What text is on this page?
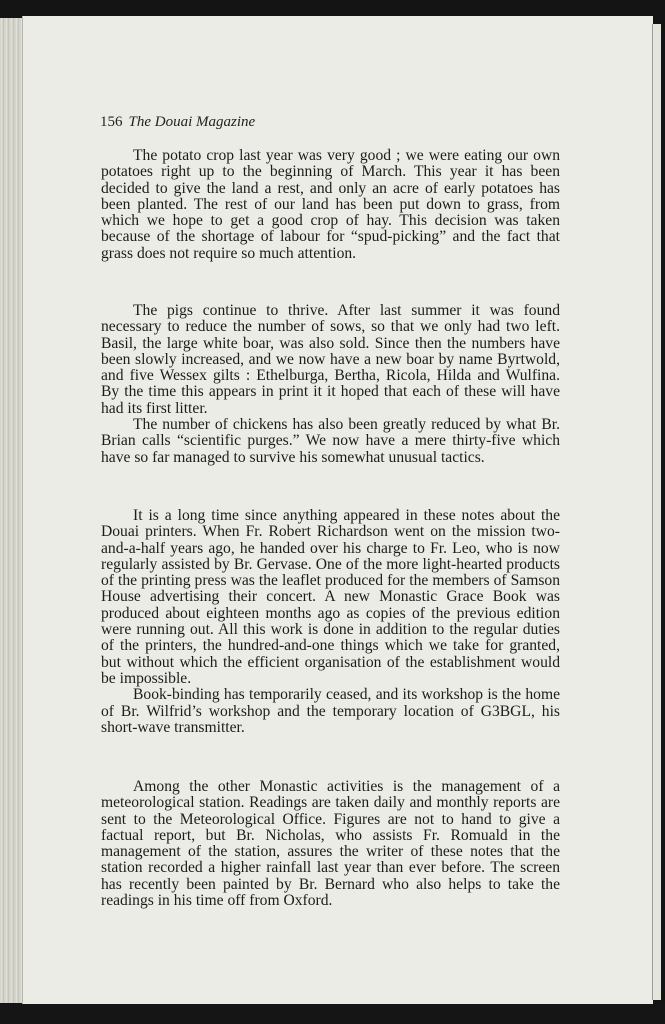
156 The Douai Magazine

The potato crop last year was very good ; we were eating our own potatoes right up to the beginning of March. This year it has been decided to give the land a rest, and only an acre of early potatoes has been planted. The rest of our land has been put down to grass, from which we hope to get a good crop of hay. This decision was taken because of the shortage of labour for “spud-picking” and the fact that grass does not require so much attention.

The pigs continue to thrive. After last summer it was found necessary to reduce the number of sows, so that we only had two left. Basil, the large white boar, was also sold. Since then the numbers have been slowly increased, and we now have a new boar by name Byrtwold, and five Wessex gilts : Ethelburga, Bertha, Ricola, Hilda and Wulfina. By the time this appears in print it it hoped that each of these will have had its first litter.

The number of chickens has also been greatly reduced by what Br. Brian calls “scientific purges.” We now have a mere thirty-five which have so far managed to survive his somewhat unusual tactics.

It is a long time since anything appeared in these notes about the Douai printers. When Fr. Robert Richardson went on the mission two-and-a-half years ago, he handed over his charge to Fr. Leo, who is now regularly assisted by Br. Gervase. One of the more light-hearted products of the printing press was the leaflet produced for the members of Samson House advertising their concert. A new Monastic Grace Book was produced about eighteen months ago as copies of the previous edition were running out. All this work is done in addition to the regular duties of the printers, the hundred-and-one things which we take for granted, but without which the efficient organisation of the establishment would be impossible.

Book-binding has temporarily ceased, and its workshop is the home of Br. Wilfrid’s workshop and the temporary location of G3BGL, his short-wave transmitter.

Among the other Monastic activities is the management of a meteorological station. Readings are taken daily and monthly reports are sent to the Meteorological Office. Figures are not to hand to give a factual report, but Br. Nicholas, who assists Fr. Romuald in the management of the station, assures the writer of these notes that the station recorded a higher rainfall last year than ever before. The screen has recently been painted by Br. Bernard who also helps to take the readings in his time off from Oxford.
